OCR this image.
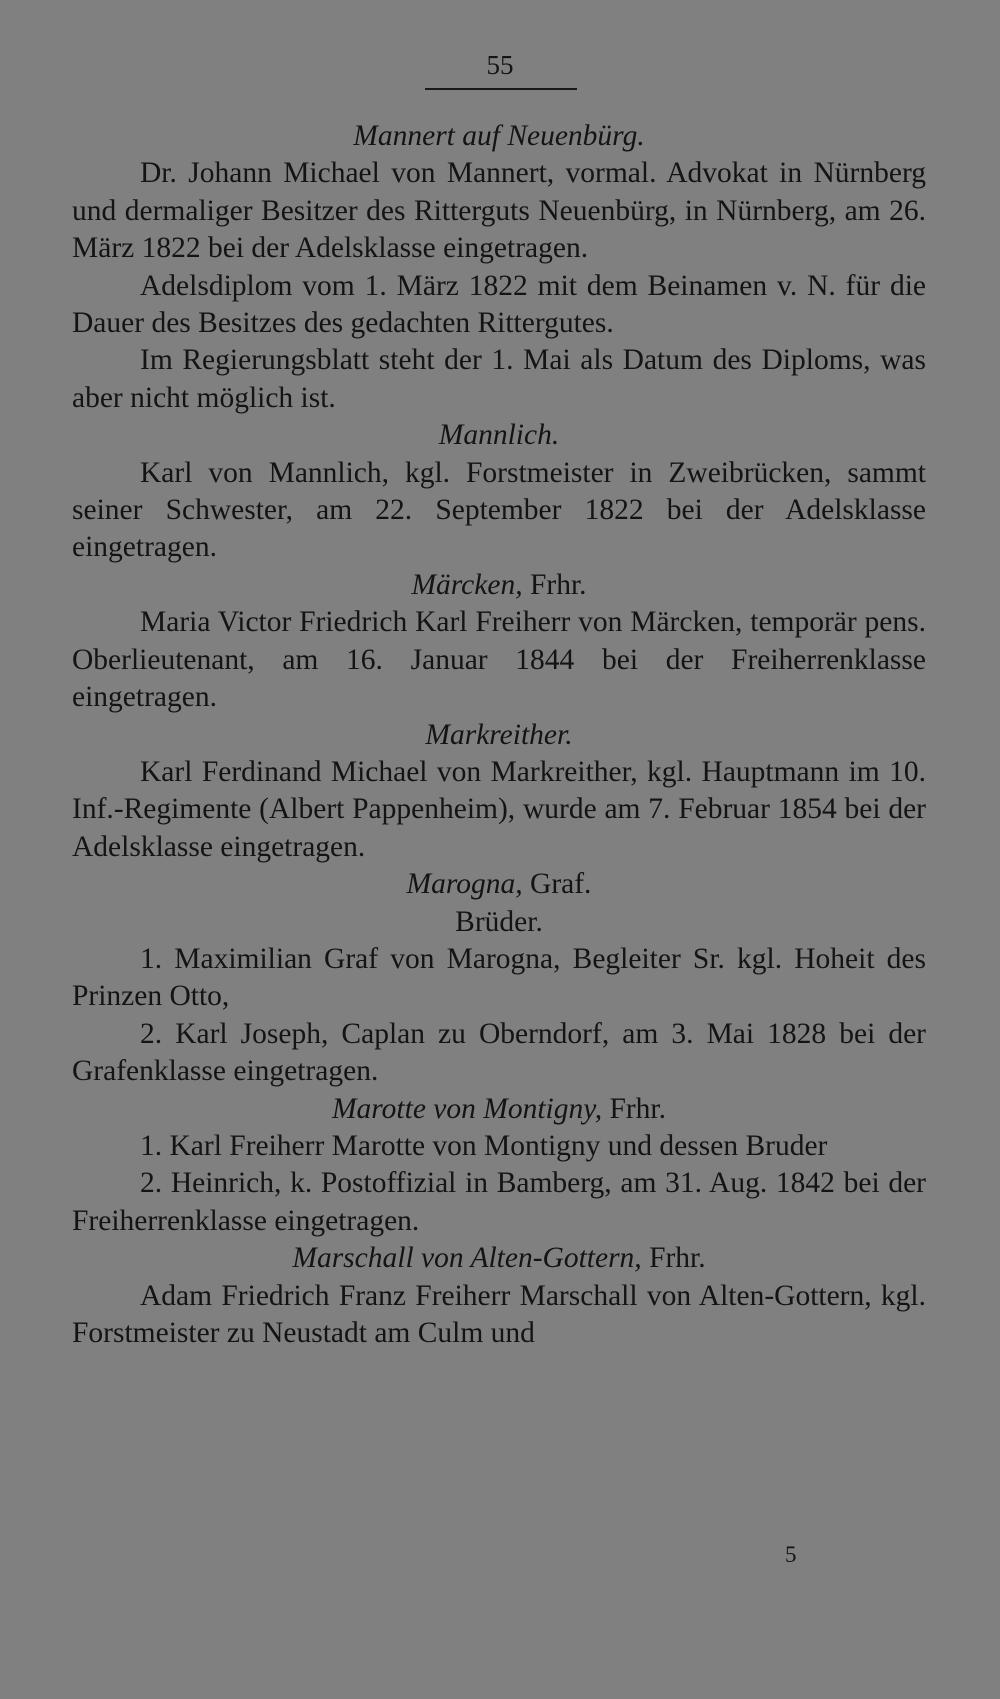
55
Mannert auf Neuenbürg.
Dr. Johann Michael von Mannert, vormal. Advokat in Nürnberg und dermaliger Besitzer des Ritterguts Neuenbürg, in Nürnberg, am 26. März 1822 bei der Adelsklasse eingetragen.
Adelsdiplom vom 1. März 1822 mit dem Beinamen v. N. für die Dauer des Besitzes des gedachten Rittergutes.
Im Regierungsblatt steht der 1. Mai als Datum des Diploms, was aber nicht möglich ist.
Mannlich.
Karl von Mannlich, kgl. Forstmeister in Zweibrücken, sammt seiner Schwester, am 22. September 1822 bei der Adelsklasse eingetragen.
Märcken, Frhr.
Maria Victor Friedrich Karl Freiherr von Märcken, temporär pens. Oberlieutenant, am 16. Januar 1844 bei der Freiherrenklasse eingetragen.
Markreither.
Karl Ferdinand Michael von Markreither, kgl. Hauptmann im 10. Inf.-Regimente (Albert Pappenheim), wurde am 7. Februar 1854 bei der Adelsklasse eingetragen.
Marogna, Graf.
Brüder.
1. Maximilian Graf von Marogna, Begleiter Sr. kgl. Hoheit des Prinzen Otto,
2. Karl Joseph, Caplan zu Oberndorf, am 3. Mai 1828 bei der Grafenklasse eingetragen.
Marotte von Montigny, Frhr.
1. Karl Freiherr Marotte von Montigny und dessen Bruder
2. Heinrich, k. Postoffizial in Bamberg, am 31. Aug. 1842 bei der Freiherrenklasse eingetragen.
Marschall von Alten-Gottern, Frhr.
Adam Friedrich Franz Freiherr Marschall von Alten-Gottern, kgl. Forstmeister zu Neustadt am Culm und
5
